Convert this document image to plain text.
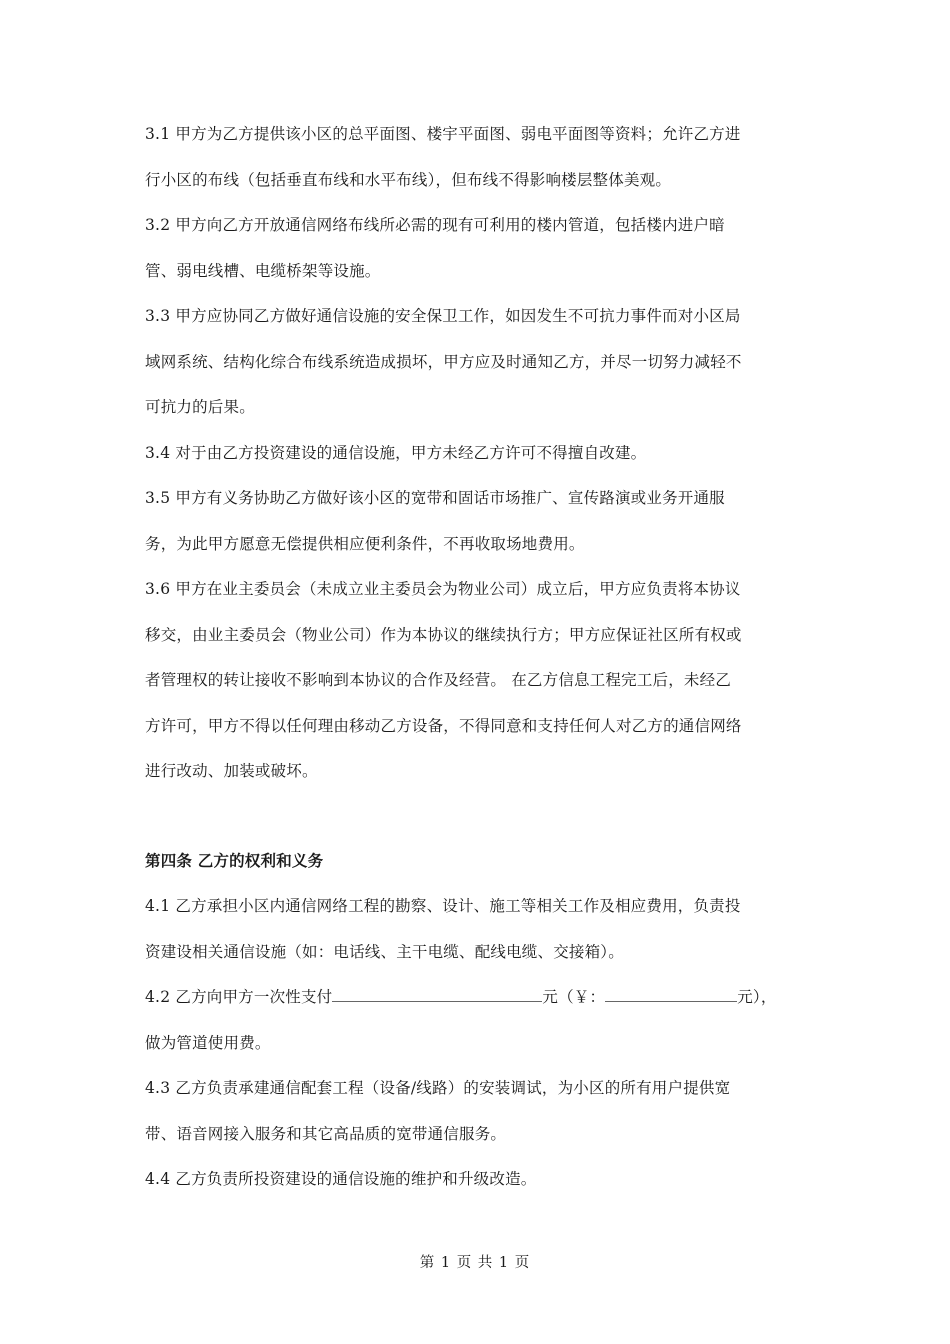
3.1 甲方为乙方提供该小区的总平面图、楼宇平面图、弱电平面图等资料；允许乙方进
行小区的布线（包括垂直布线和水平布线），但布线不得影响楼层整体美观。
3.2 甲方向乙方开放通信网络布线所必需的现有可利用的楼内管道，包括楼内进户暗
管、弱电线槽、电缆桥架等设施。
3.3 甲方应协同乙方做好通信设施的安全保卫工作，如因发生不可抗力事件而对小区局
域网系统、结构化综合布线系统造成损坏，甲方应及时通知乙方，并尽一切努力减轻不
可抗力的后果。
3.4 对于由乙方投资建设的通信设施，甲方未经乙方许可不得擅自改建。
3.5 甲方有义务协助乙方做好该小区的宽带和固话市场推广、宣传路演或业务开通服
务，为此甲方愿意无偿提供相应便利条件，不再收取场地费用。
3.6 甲方在业主委员会（未成立业主委员会为物业公司）成立后，甲方应负责将本协议
移交，由业主委员会（物业公司）作为本协议的继续执行方；甲方应保证社区所有权或
者管理权的转让接收不影响到本协议的合作及经营。 在乙方信息工程完工后，未经乙
方许可，甲方不得以任何理由移动乙方设备，不得同意和支持任何人对乙方的通信网络
进行改动、加装或破坏。
第四条 乙方的权利和义务
4.1 乙方承担小区内通信网络工程的勘察、设计、施工等相关工作及相应费用，负责投
资建设相关通信设施（如：电话线、主干电缆、配线电缆、交接箱）。
4.2 乙方向甲方一次性支付	元（￥：	元），
做为管道使用费。
4.3 乙方负责承建通信配套工程（设备/线路）的安装调试，为小区的所有用户提供宽
带、语音网接入服务和其它高品质的宽带通信服务。
4.4 乙方负责所投资建设的通信设施的维护和升级改造。
第 1 页 共 1 页
